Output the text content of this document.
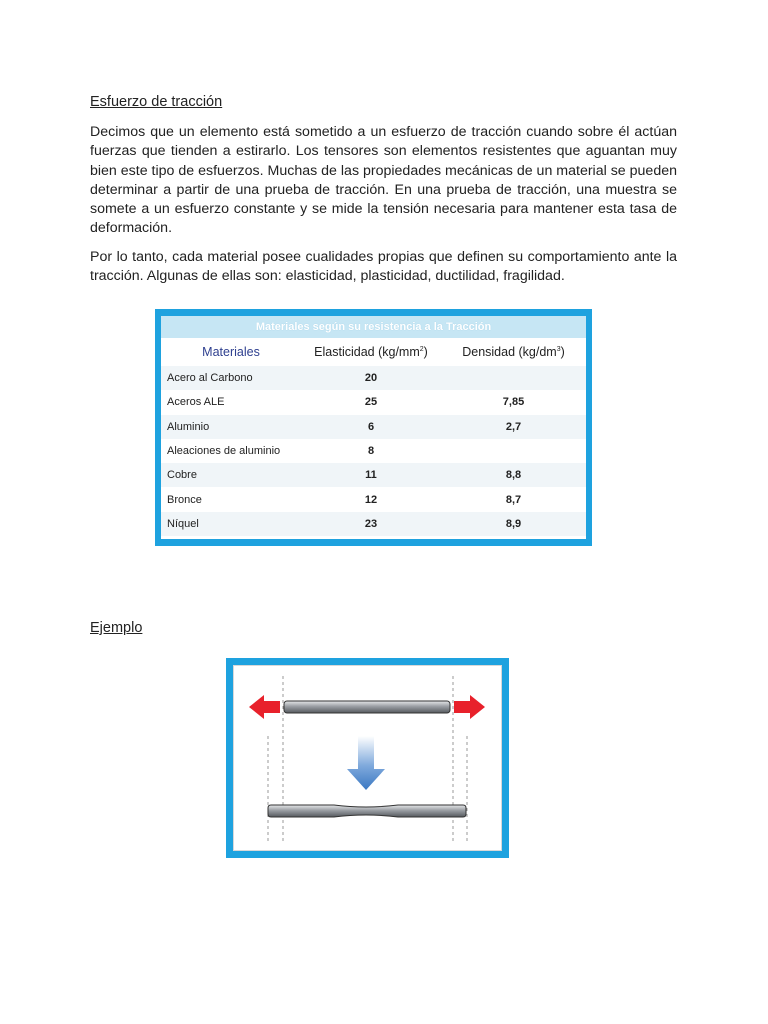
Esfuerzo de tracción

Decimos que un elemento está sometido a un esfuerzo de tracción cuando sobre él actúan fuerzas que tienden a estirarlo. Los tensores son elementos resistentes que aguantan muy bien este tipo de esfuerzos. Muchas de las propiedades mecánicas de un material se pueden determinar a partir de una prueba de tracción. En una prueba de tracción, una muestra se somete a un esfuerzo constante y se mide la tensión necesaria para mantener esta tasa de deformación.

Por lo tanto, cada material posee cualidades propias que definen su comportamiento ante la tracción. Algunas de ellas son: elasticidad, plasticidad, ductilidad, fragilidad.

Materiales según su resistencia a la Tracción		
Materiales	Elasticidad $(kg/mm^2)$	Densidad $(kg/dm^3)$
Acero al Carbono	20	
Aceros ALE	25	7,85
Aluminio	6	2,7
Aleaciones de aluminio	8	
Cobre	11	8,8
Bronce	12	8,7
Níquel	23	8,9

Ejemplo
